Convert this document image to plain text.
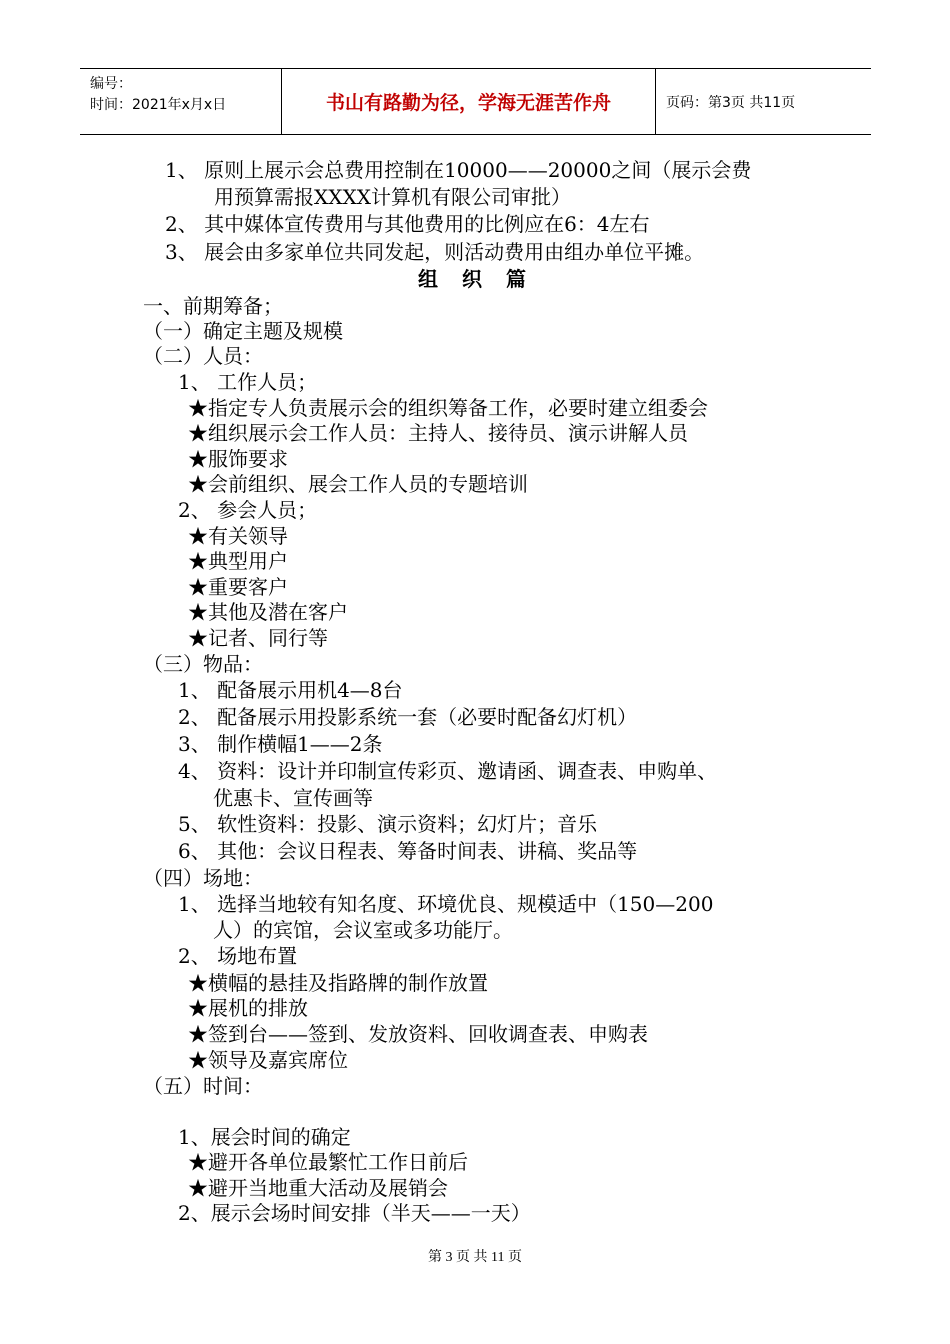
编号：
时间：2021年x月x日	书山有路勤为径，学海无涯苦作舟	页码：第3页 共11页
1、 原则上展示会总费用控制在10000——20000之间（展示会费
用预算需报XXXX计算机有限公司审批）
2、 其中媒体宣传费用与其他费用的比例应在6：4左右
3、 展会由多家单位共同发起，则活动费用由组办单位平摊。
组织篇
一、前期筹备；
（一）确定主题及规模
（二）人员：
1、 工作人员；
★指定专人负责展示会的组织筹备工作，必要时建立组委会
★组织展示会工作人员：主持人、接待员、演示讲解人员
★服饰要求
★会前组织、展会工作人员的专题培训
2、 参会人员；
★有关领导
★典型用户
★重要客户
★其他及潜在客户
★记者、同行等
（三）物品：
1、 配备展示用机4—8台
2、 配备展示用投影系统一套（必要时配备幻灯机）
3、 制作横幅1——2条
4、 资料：设计并印制宣传彩页、邀请函、调查表、申购单、
优惠卡、宣传画等
5、 软性资料：投影、演示资料；幻灯片；音乐
6、 其他：会议日程表、筹备时间表、讲稿、奖品等
（四）场地：
1、 选择当地较有知名度、环境优良、规模适中（150—200
人）的宾馆，会议室或多功能厅。
2、 场地布置
★横幅的悬挂及指路牌的制作放置
★展机的排放
★签到台——签到、发放资料、回收调查表、申购表
★领导及嘉宾席位
（五）时间：
1、展会时间的确定
★避开各单位最繁忙工作日前后
★避开当地重大活动及展销会
2、展示会场时间安排（半天——一天）
第 3 页 共 11 页
